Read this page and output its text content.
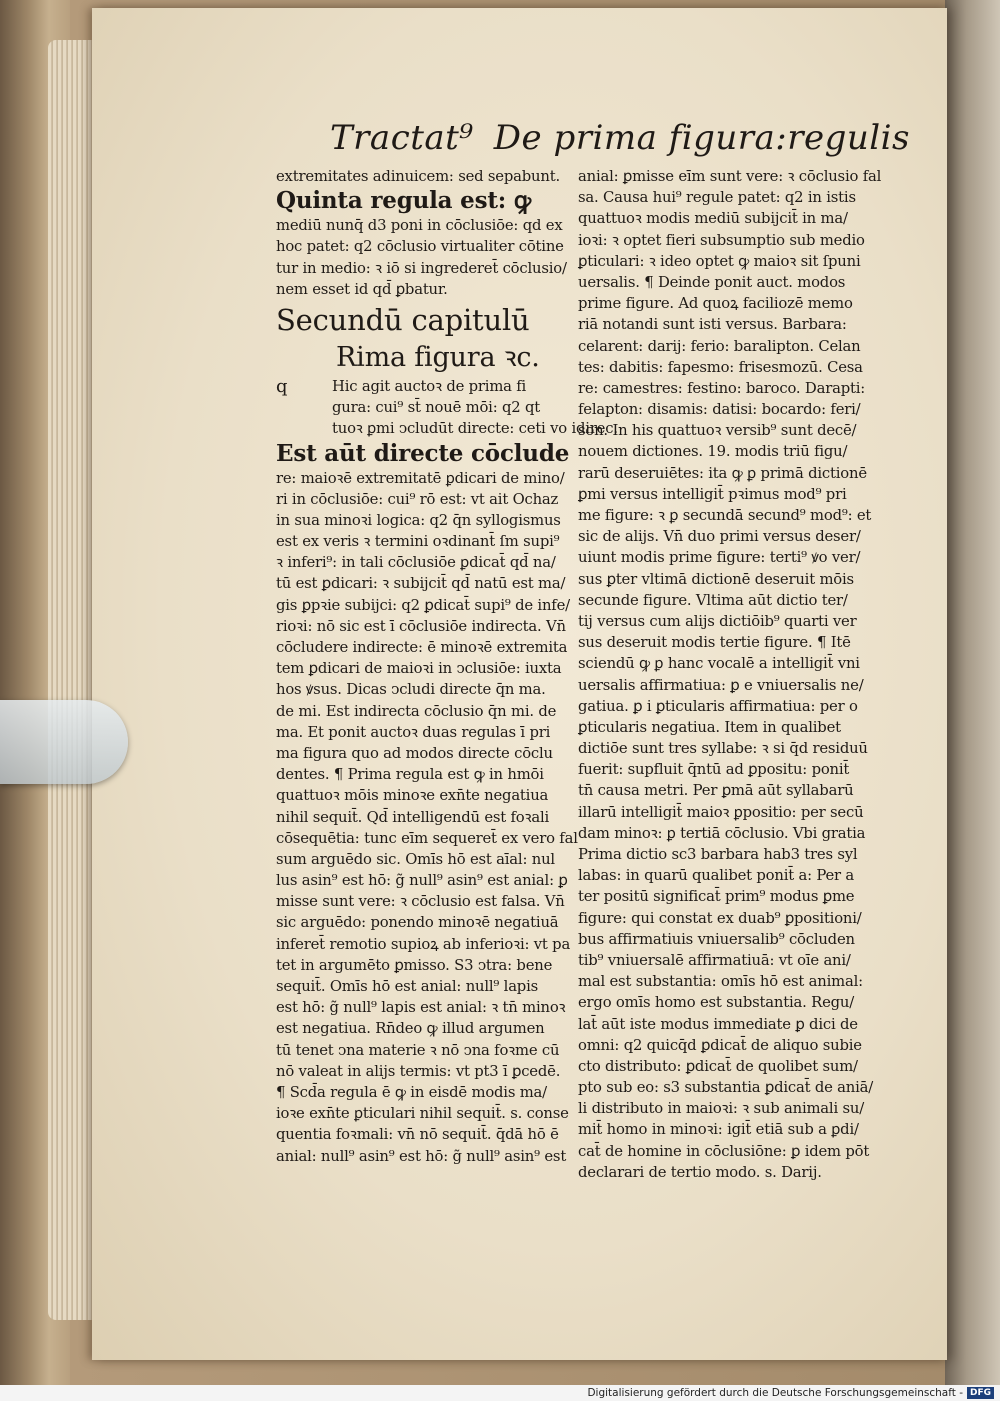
Tractat⁹ De prima figura:regulis
extremitates adinuicem: sed sepabunt.
Quinta regula est: ꝙ
mediū nunq̄ d3 poni in cōclusiōe: qd ex
hoc patet: q2 cōclusio virtualiter cōtine
tur in medio: ꝛ iō si ingrederet̄ cōclusio/
nem esset id qd̄ ꝑbatur.
Secundū capitulū
Rima figura ꝛc.
q	Hic agit auctoꝛ de prima fi
gura: cui⁹ st̄ nouē mōi: q2 qt
tuoꝛ ꝑmi ↄcludūt directe: ceti vo idirec.
Est aūt directe cōclude
re: maioꝛē extremitatē ꝑdicari de mino/
ri in cōclusiōe: cui⁹ rō est: vt ait Ochaz
in sua minoꝛi logica: q2 q̄n syllogismus
est ex veris ꝛ termini oꝛdinant̄ ſm supi⁹
ꝛ inferi⁹: in tali cōclusiōe ꝑdicat̄ qd̄ na/
tū est ꝑdicari: ꝛ subijcit̄ qd̄ natū est ma/
gis ꝑpꝛie subijci: q2 ꝑdicat̄ supi⁹ de infe/
rioꝛi: nō sic est ī cōclusiōe indirecta. Vn̄
cōcludere indirecte: ē minoꝛē extremita
tem ꝑdicari de maioꝛi in ↄclusiōe: iuxta
hos ꝟsus. Dicas ↄcludi directe q̄n ma.
de mi. Est indirecta cōclusio q̄n mi. de
ma. Et ponit auctoꝛ duas regulas ī pri
ma figura quo ad modos directe cōclu
dentes. ¶ Prima regula est ꝙ in hmōi
quattuoꝛ mōis minoꝛe exn̄te negatiua
nihil sequit̄. Qd̄ intelligendū est foꝛali
cōsequētia: tunc eīm sequeret̄ ex vero fal
sum arguēdo sic. Omīs hō est aīal: nul
lus asin⁹ est hō: g̃ null⁹ asin⁹ est anial: ꝑ
misse sunt vere: ꝛ cōclusio est falsa. Vn̄
sic arguēdo: ponendo minoꝛē negatiuā
inferet̄ remotio supioꝝ ab inferioꝛi: vt pa
tet in argumēto ꝑmisso. S3 ↄtra: bene
sequit̄. Omīs hō est anial: null⁹ lapis
est hō: g̃ null⁹ lapis est anial: ꝛ tn̄ minoꝛ
est negatiua. Rn̄deo ꝙ illud argumen
tū tenet ↄna materie ꝛ nō ↄna foꝛme cū
nō valeat in alijs termis: vt pt3 ī ꝑcedē.
¶ Scd̄a regula ē ꝙ in eisdē modis ma/
ioꝛe exn̄te ꝑticulari nihil sequit̄. s. conse
quentia foꝛmali: vn̄ nō sequit̄. q̄dā hō ē
anial: null⁹ asin⁹ est hō: g̃ null⁹ asin⁹ est
anial: ꝑmisse eīm sunt vere: ꝛ cōclusio fal
sa. Causa hui⁹ regule patet: q2 in istis
quattuoꝛ modis mediū subijcit̄ in ma/
ioꝛi: ꝛ optet fieri subsumptio sub medio
ꝑticulari: ꝛ ideo optet ꝙ maioꝛ sit ſpuni
uersalis. ¶ Deinde ponit auct. modos
prime figure. Ad quoꝝ faciliozē memo
riā notandi sunt isti versus. Barbara:
celarent: darij: ferio: baralipton. Celan
tes: dabitis: fapesmo: frisesmozū. Cesa
re: camestres: festino: baroco. Darapti:
felapton: disamis: datisi: bocardo: feri/
son. In his quattuoꝛ versib⁹ sunt decē/
nouem dictiones. 19. modis triū figu/
rarū deseruiētes: ita ꝙ ꝑ primā dictionē
ꝑmi versus intelligit̄ pꝛimus mod⁹ pri
me figure: ꝛ ꝑ secundā secund⁹ mod⁹: et
sic de alijs. Vn̄ duo primi versus deser/
uiunt modis prime figure: terti⁹ ꝟo ver/
sus ꝑter vltimā dictionē deseruit mōis
secunde figure. Vltima aūt dictio ter/
tij versus cum alijs dictiōib⁹ quarti ver
sus deseruit modis tertie figure. ¶ Itē
sciendū ꝙ ꝑ hanc vocalē a intelligit̄ vni
uersalis affirmatiua: ꝑ e vniuersalis ne/
gatiua. ꝑ i ꝑticularis affirmatiua: per o
ꝑticularis negatiua. Item in qualibet
dictiōe sunt tres syllabe: ꝛ si q̄d residuū
fuerit: supfluit q̄ntū ad ꝑpositu: ponit̄
tn̄ causa metri. Per ꝑmā aūt syllabarū
illarū intelligit̄ maioꝛ ꝑpositio: per secū
dam minoꝛ: ꝑ tertiā cōclusio. Vbi gratia
Prima dictio sc3 barbara hab3 tres syl
labas: in quarū qualibet ponit̄ a: Per a
ter positū significat̄ prim⁹ modus ꝑme
figure: qui constat ex duab⁹ ꝑpositioni/
bus affirmatiuis vniuersalib⁹ cōcluden
tib⁹ vniuersalē affirmatiuā: vt oīe ani/
mal est substantia: omīs hō est animal:
ergo omīs homo est substantia. Regu/
lat̄ aūt iste modus immediate ꝑ dici de
omni: q2 quicq̄d ꝑdicat̄ de aliquo subie
cto distributo: ꝑdicat̄ de quolibet sum/
pto sub eo: s3 substantia ꝑdicat̄ de aniā/
li distributo in maioꝛi: ꝛ sub animali su/
mit̄ homo in minoꝛi: igit̄ etiā sub a ꝑdi/
cat̄ de homine in cōclusiōne: ꝑ idem pōt
declarari de tertio modo. s. Darij.
Digitalisierung gefördert durch die Deutsche Forschungsgemeinschaft - DFG
